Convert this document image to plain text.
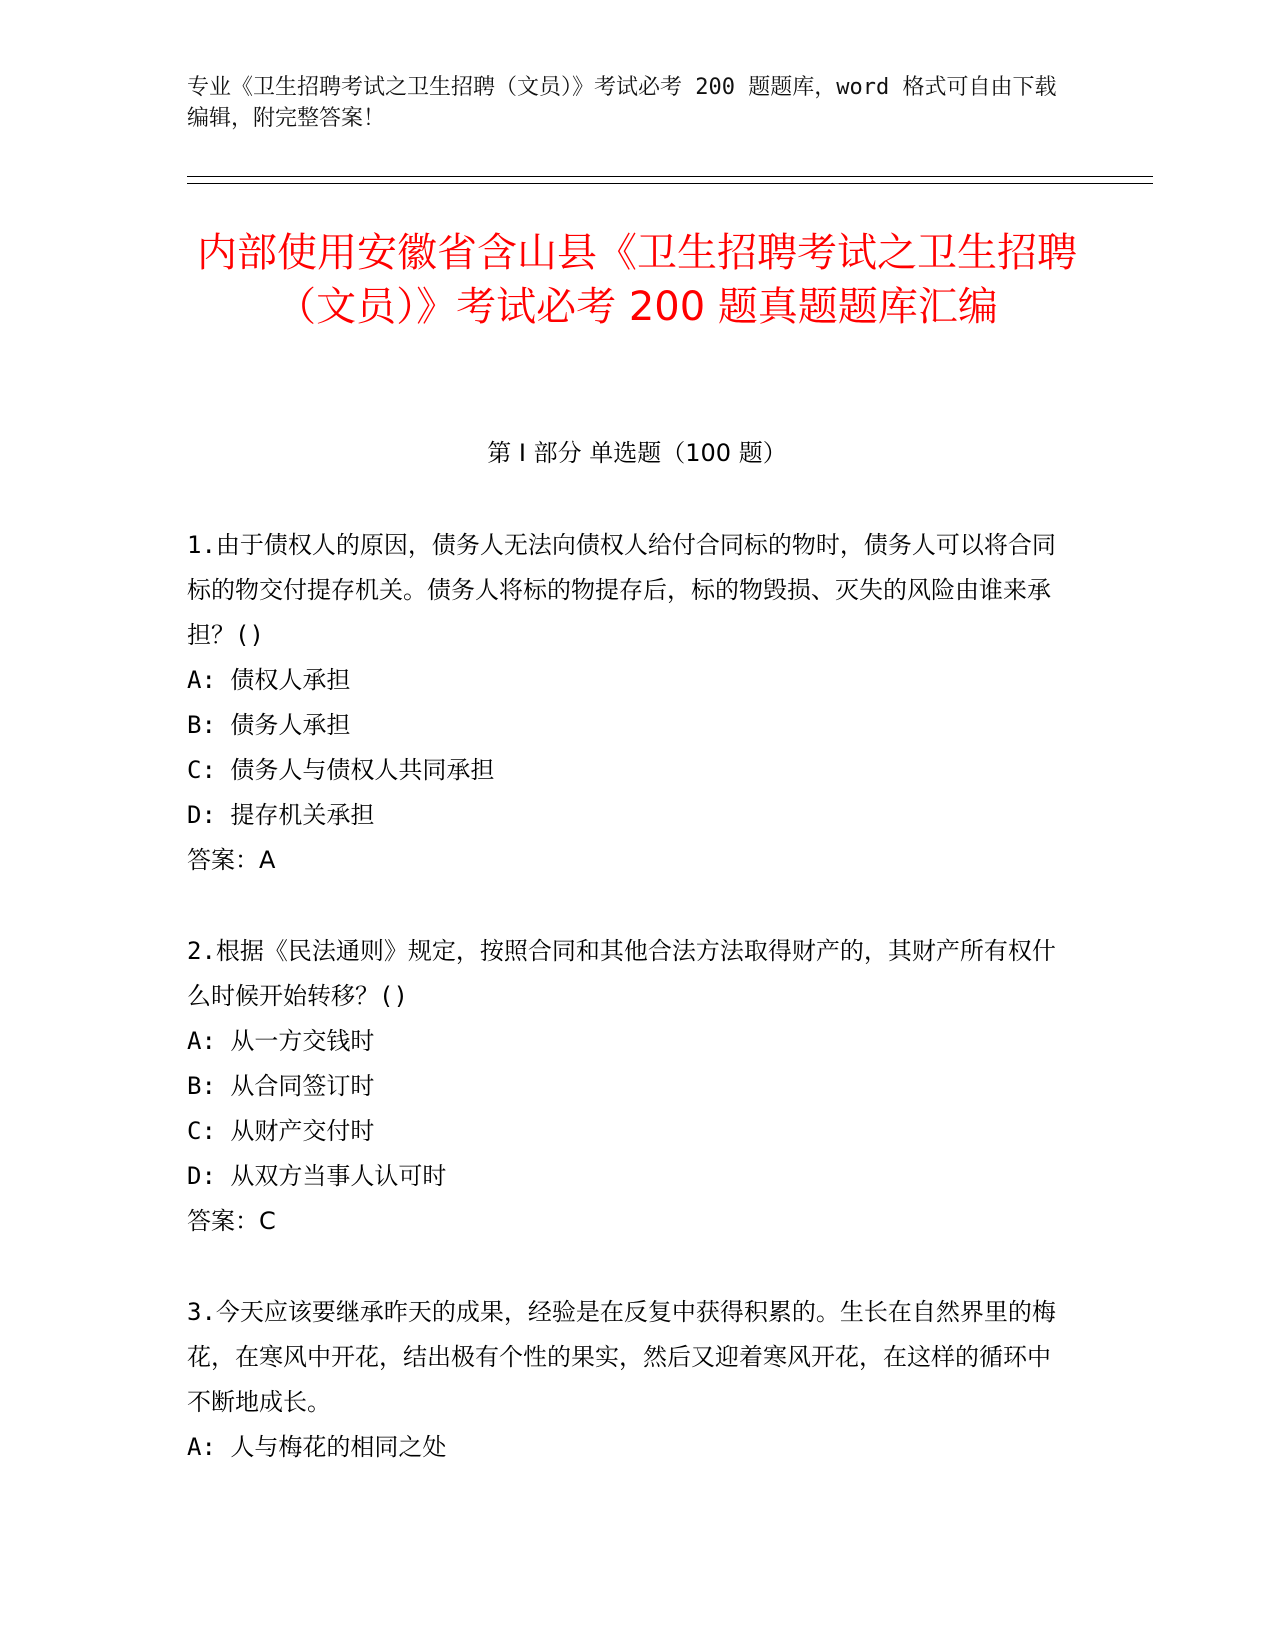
专业《卫生招聘考试之卫生招聘（文员）》考试必考 200 题题库，word 格式可自由下载编辑，附完整答案！
内部使用安徽省含山县《卫生招聘考试之卫生招聘（文员）》考试必考 200 题真题题库汇编
第 I 部分 单选题（100 题）

1.由于债权人的原因，债务人无法向债权人给付合同标的物时，债务人可以将合同标的物交付提存机关。债务人将标的物提存后，标的物毁损、灭失的风险由谁来承担？()

A: 债权人承担

B: 债务人承担

C: 债务人与债权人共同承担

D: 提存机关承担

答案：A

2.根据《民法通则》规定，按照合同和其他合法方法取得财产的，其财产所有权什么时候开始转移？()

A: 从一方交钱时

B: 从合同签订时

C: 从财产交付时

D: 从双方当事人认可时

答案：C

3.今天应该要继承昨天的成果，经验是在反复中获得积累的。生长在自然界里的梅花，在寒风中开花，结出极有个性的果实，然后又迎着寒风开花，在这样的循环中不断地成长。

A: 人与梅花的相同之处
